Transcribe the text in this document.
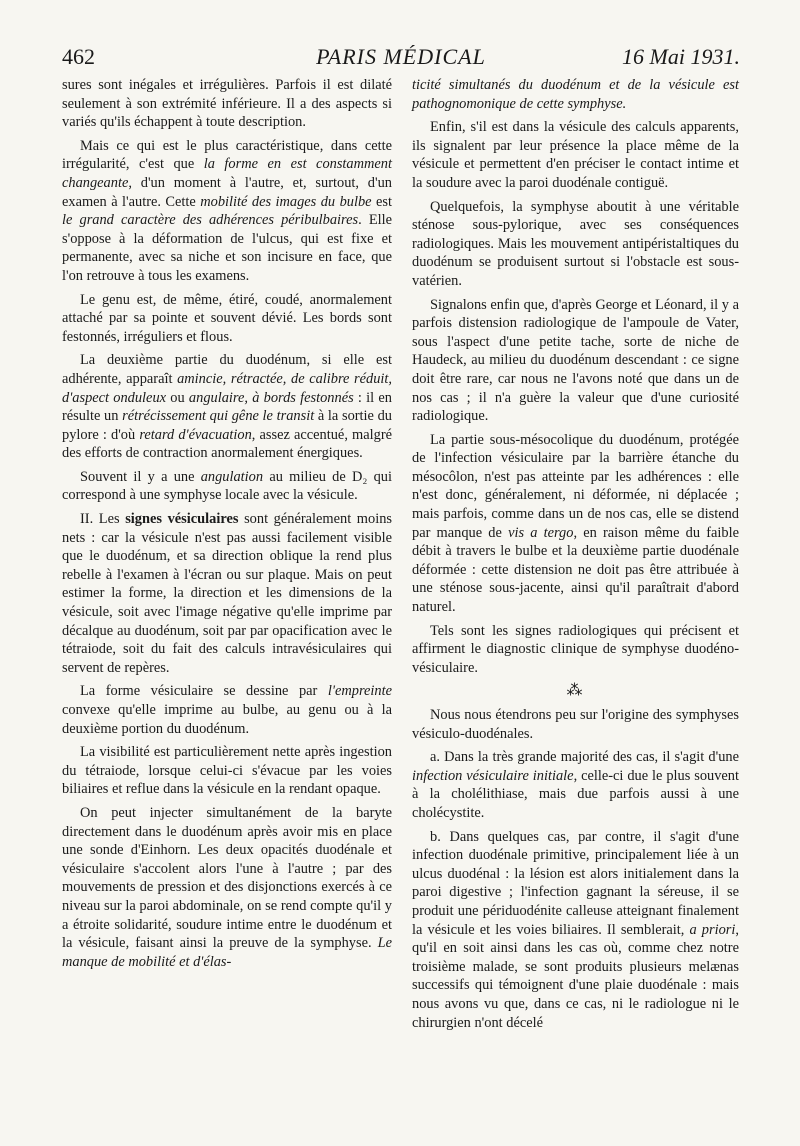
462	PARIS MÉDICAL	16 Mai 1931.

sures sont inégales et irrégulières. Parfois il est dilaté seulement à son extrémité inférieure. Il a des aspects si variés qu'ils échappent à toute description.

Mais ce qui est le plus caractéristique, dans cette irrégularité, c'est que la forme en est constamment changeante, d'un moment à l'autre, et, surtout, d'un examen à l'autre. Cette mobilité des images du bulbe est le grand caractère des adhérences péribulbaires. Elle s'oppose à la déformation de l'ulcus, qui est fixe et permanente, avec sa niche et son incisure en face, que l'on retrouve à tous les examens.

Le genu est, de même, étiré, coudé, anormalement attaché par sa pointe et souvent dévié. Les bords sont festonnés, irréguliers et flous.

La deuxième partie du duodénum, si elle est adhérente, apparaît amincie, rétractée, de calibre réduit, d'aspect onduleux ou angulaire, à bords festonnés : il en résulte un rétrécissement qui gêne le transit à la sortie du pylore : d'où retard d'évacuation, assez accentué, malgré des efforts de contraction anormalement énergiques.

Souvent il y a une angulation au milieu de D₂ qui correspond à une symphyse locale avec la vésicule.

II. Les signes vésiculaires sont généralement moins nets : car la vésicule n'est pas aussi facilement visible que le duodénum, et sa direction oblique la rend plus rebelle à l'examen à l'écran ou sur plaque. Mais on peut estimer la forme, la direction et les dimensions de la vésicule, soit avec l'image négative qu'elle imprime par décalque au duodénum, soit par par opacification avec le tétraiode, soit du fait des calculs intravésiculaires qui servent de repères.

La forme vésiculaire se dessine par l'empreinte convexe qu'elle imprime au bulbe, au genu ou à la deuxième portion du duodénum.

La visibilité est particulièrement nette après ingestion du tétraiode, lorsque celui-ci s'évacue par les voies biliaires et reflue dans la vésicule en la rendant opaque.

On peut injecter simultanément de la baryte directement dans le duodénum après avoir mis en place une sonde d'Einhorn. Les deux opacités duodénale et vésiculaire s'accolent alors l'une à l'autre ; par des mouvements de pression et des disjonctions exercés à ce niveau sur la paroi abdominale, on se rend compte qu'il y a étroite solidarité, soudure intime entre le duodénum et la vésicule, faisant ainsi la preuve de la symphyse. Le manque de mobilité et d'élas-

ticité simultanés du duodénum et de la vésicule est pathognomonique de cette symphyse.

Enfin, s'il est dans la vésicule des calculs apparents, ils signalent par leur présence la place même de la vésicule et permettent d'en préciser le contact intime et la soudure avec la paroi duodénale contiguë.

Quelquefois, la symphyse aboutit à une véritable sténose sous-pylorique, avec ses conséquences radiologiques. Mais les mouvement antipéristaltiques du duodénum se produisent surtout si l'obstacle est sous-vatérien.

Signalons enfin que, d'après George et Léonard, il y a parfois distension radiologique de l'ampoule de Vater, sous l'aspect d'une petite tache, sorte de niche de Haudeck, au milieu du duodénum descendant : ce signe doit être rare, car nous ne l'avons noté que dans un de nos cas ; il n'a guère la valeur que d'une curiosité radiologique.

La partie sous-mésocolique du duodénum, protégée de l'infection vésiculaire par la barrière étanche du mésocôlon, n'est pas atteinte par les adhérences : elle n'est donc, généralement, ni déformée, ni déplacée ; mais parfois, comme dans un de nos cas, elle se distend par manque de vis a tergo, en raison même du faible débit à travers le bulbe et la deuxième partie duodénale déformée : cette distension ne doit pas être attribuée à une sténose sous-jacente, ainsi qu'il paraîtrait d'abord naturel.

Tels sont les signes radiologiques qui précisent et affirment le diagnostic clinique de symphyse duodéno-vésiculaire.

⁂

Nous nous étendrons peu sur l'origine des symphyses vésiculo-duodénales.

a. Dans la très grande majorité des cas, il s'agit d'une infection vésiculaire initiale, celle-ci due le plus souvent à la cholélithiase, mais due parfois aussi à une cholécystite.

b. Dans quelques cas, par contre, il s'agit d'une infection duodénale primitive, principalement liée à un ulcus duodénal : la lésion est alors initialement dans la paroi digestive ; l'infection gagnant la séreuse, il se produit une périduodénite calleuse atteignant finalement la vésicule et les voies biliaires. Il semblerait, a priori, qu'il en soit ainsi dans les cas où, comme chez notre troisième malade, se sont produits plusieurs melænas successifs qui témoignent d'une plaie duodénale : mais nous avons vu que, dans ce cas, ni le radiologue ni le chirurgien n'ont décelé
